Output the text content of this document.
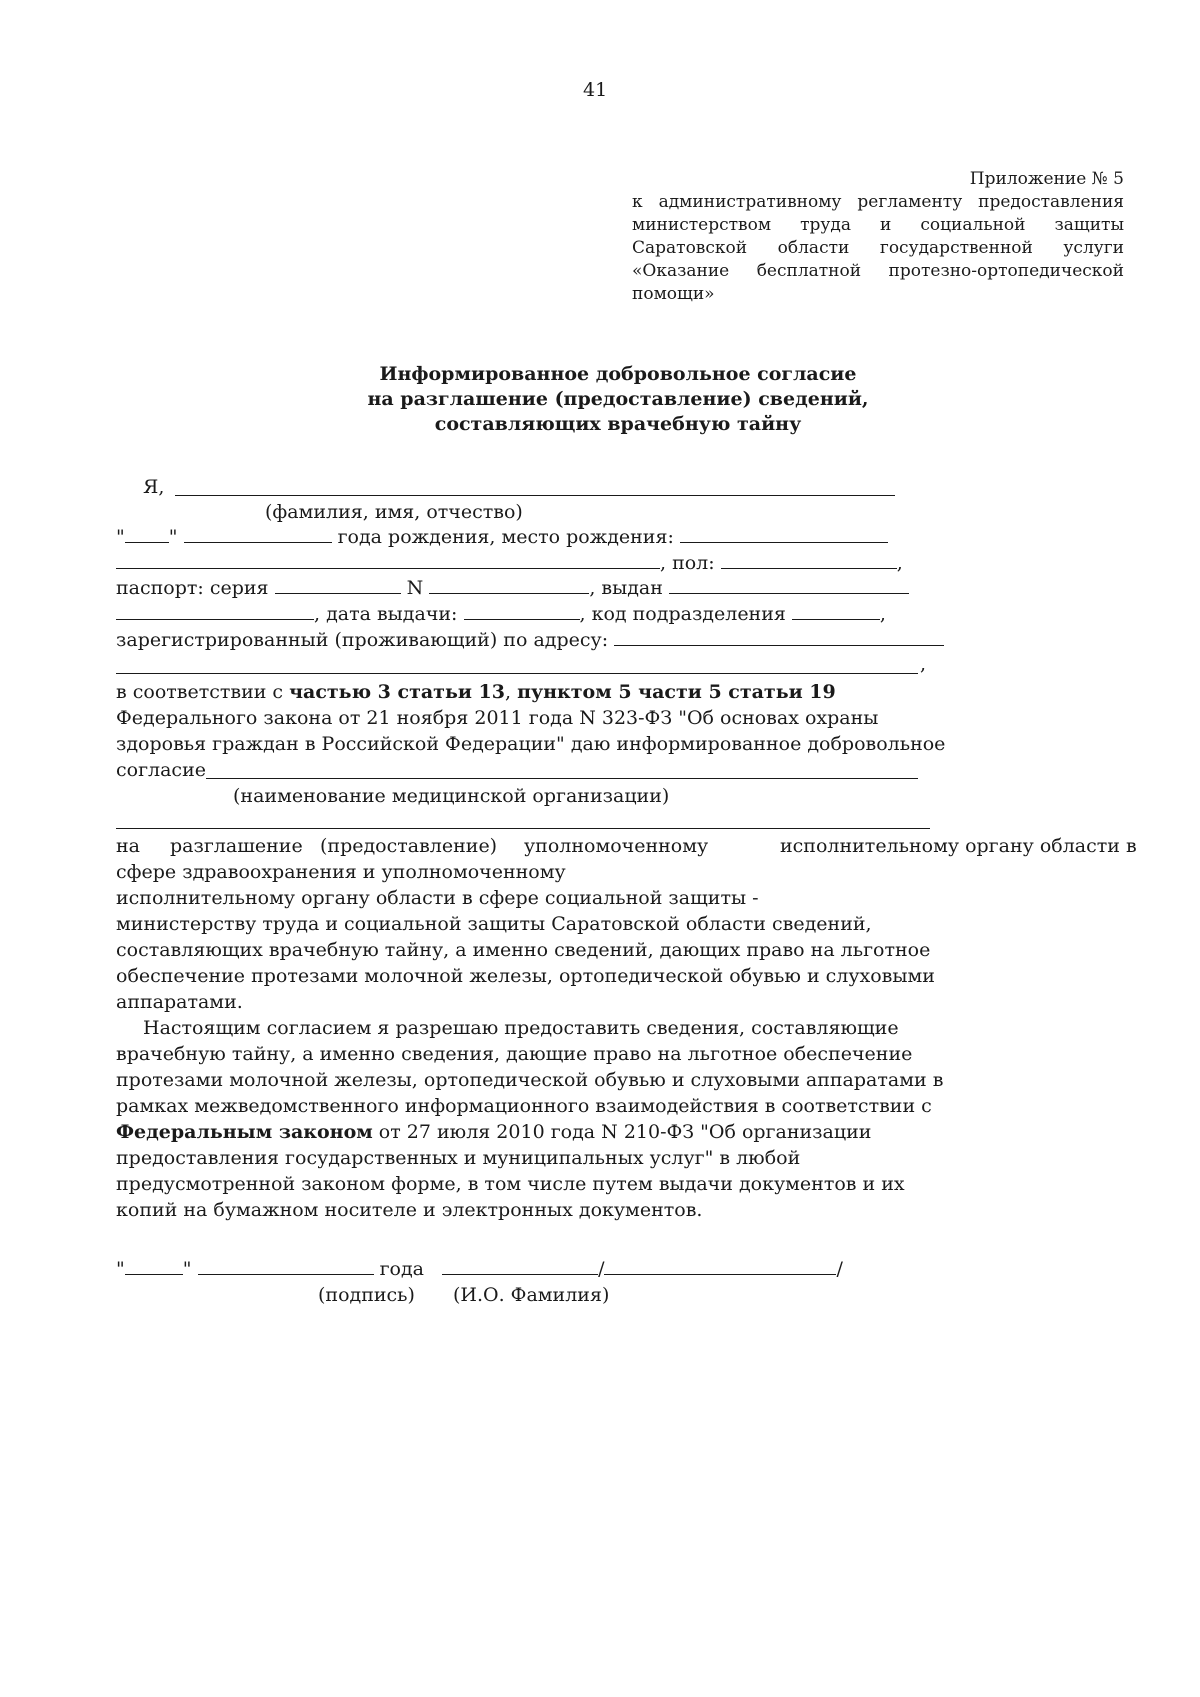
41
Приложение № 5
к административному регламенту предоставления
министерством труда и социальной защиты
Саратовской области государственной услуги
«Оказание бесплатной протезно-ортопедической
помощи»
Информированное добровольное согласие
на разглашение (предоставление) сведений,
составляющих врачебную тайну
Я,
(фамилия, имя, отчество)
" "	года рождения, место рождения:
, пол:	,
паспорт: серия	N	, выдан
, дата выдачи:	, код подразделения	,
зарегистрированный (проживающий) по адресу:
,
в соответствии с частью 3 статьи 13, пунктом 5 части 5 статьи 19
Федерального закона от 21 ноября 2011 года N 323-ФЗ "Об основах охраны
здоровья граждан в Российской Федерации" даю информированное добровольное
согласие
(наименование медицинской организации)
на разглашение (предоставление) уполномоченному	исполнительному органу области в
сфере здравоохранения и уполномоченному
исполнительному органу области в сфере социальной защиты -
министерству труда и социальной защиты Саратовской области сведений,
составляющих врачебную тайну, а именно сведений, дающих право на льготное
обеспечение протезами молочной железы, ортопедической обувью и слуховыми
аппаратами.
Настоящим согласием я разрешаю предоставить сведения, составляющие
врачебную тайну, а именно сведения, дающие право на льготное обеспечение
протезами молочной железы, ортопедической обувью и слуховыми аппаратами в
рамках межведомственного информационного взаимодействия в соответствии с
Федеральным законом от 27 июля 2010 года N 210-ФЗ "Об организации
предоставления государственных и муниципальных услуг" в любой
предусмотренной законом форме, в том числе путем выдачи документов и их
копий на бумажном носителе и электронных документов.
"	"	года	/	/
(подпись) (И.О. Фамилия)
